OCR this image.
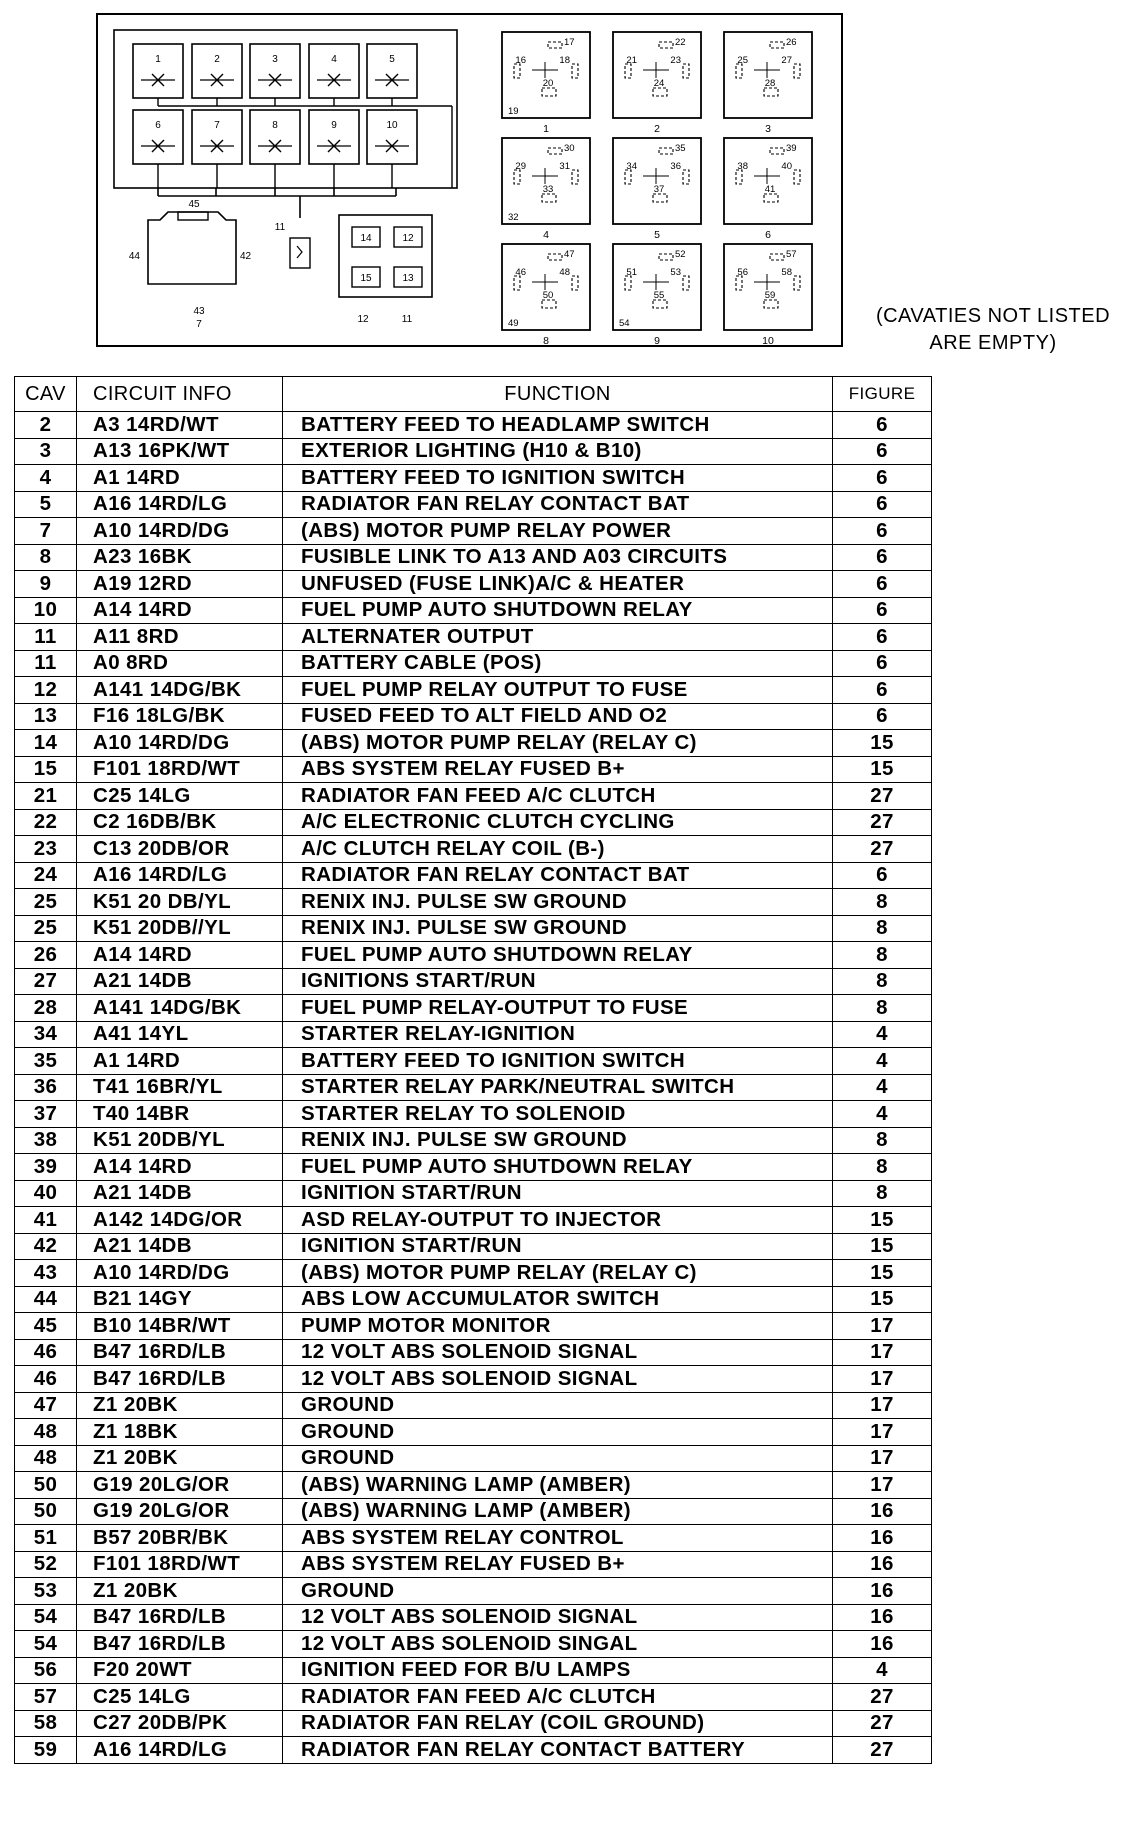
1	2	3	4	5
6	7	8	9	10
45
44	42
43
7
11
14	12
15	13
12	11
17
16	18
20
19
1
22
21	23
24
2
26
25	27
28
3
30
29	31
33
32
4
35
34	36
37
5
39
38	40
41
6
47
46	48
50
49
8
52
51	53
55
54
9
57
56	58
59
10
(CAVATIES NOT LISTED
ARE EMPTY)
CAV	CIRCUIT INFO	FUNCTION	FIGURE
2	A3 14RD/WT	BATTERY FEED TO HEADLAMP SWITCH	6
3	A13 16PK/WT	EXTERIOR LIGHTING (H10 & B10)	6
4	A1 14RD	BATTERY FEED TO IGNITION SWITCH	6
5	A16 14RD/LG	RADIATOR FAN RELAY CONTACT BAT	6
7	A10 14RD/DG	(ABS) MOTOR PUMP RELAY POWER	6
8	A23 16BK	FUSIBLE LINK TO A13 AND A03 CIRCUITS	6
9	A19 12RD	UNFUSED (FUSE LINK)A/C & HEATER	6
10	A14 14RD	FUEL PUMP AUTO SHUTDOWN RELAY	6
11	A11 8RD	ALTERNATER OUTPUT	6
11	A0 8RD	BATTERY CABLE (POS)	6
12	A141 14DG/BK	FUEL PUMP RELAY OUTPUT TO FUSE	6
13	F16 18LG/BK	FUSED FEED TO ALT FIELD AND O2	6
14	A10 14RD/DG	(ABS) MOTOR PUMP RELAY (RELAY C)	15
15	F101 18RD/WT	ABS SYSTEM RELAY FUSED B+	15
21	C25 14LG	RADIATOR FAN FEED A/C CLUTCH	27
22	C2 16DB/BK	A/C ELECTRONIC CLUTCH CYCLING	27
23	C13 20DB/OR	A/C CLUTCH RELAY COIL (B-)	27
24	A16 14RD/LG	RADIATOR FAN RELAY CONTACT BAT	6
25	K51 20 DB/YL	RENIX INJ. PULSE SW GROUND	8
25	K51 20DB//YL	RENIX INJ. PULSE SW GROUND	8
26	A14 14RD	FUEL PUMP AUTO SHUTDOWN RELAY	8
27	A21 14DB	IGNITIONS START/RUN	8
28	A141 14DG/BK	FUEL PUMP RELAY-OUTPUT TO FUSE	8
34	A41 14YL	STARTER RELAY-IGNITION	4
35	A1 14RD	BATTERY FEED TO IGNITION SWITCH	4
36	T41 16BR/YL	STARTER RELAY PARK/NEUTRAL SWITCH	4
37	T40 14BR	STARTER RELAY TO SOLENOID	4
38	K51 20DB/YL	RENIX INJ. PULSE SW GROUND	8
39	A14 14RD	FUEL PUMP AUTO SHUTDOWN RELAY	8
40	A21 14DB	IGNITION START/RUN	8
41	A142 14DG/OR	ASD RELAY-OUTPUT TO INJECTOR	15
42	A21 14DB	IGNITION START/RUN	15
43	A10 14RD/DG	(ABS) MOTOR PUMP RELAY (RELAY C)	15
44	B21 14GY	ABS LOW ACCUMULATOR SWITCH	15
45	B10 14BR/WT	PUMP MOTOR MONITOR	17
46	B47 16RD/LB	12 VOLT ABS SOLENOID SIGNAL	17
46	B47 16RD/LB	12 VOLT ABS SOLENOID SIGNAL	17
47	Z1 20BK	GROUND	17
48	Z1 18BK	GROUND	17
48	Z1 20BK	GROUND	17
50	G19 20LG/OR	(ABS) WARNING LAMP (AMBER)	17
50	G19 20LG/OR	(ABS) WARNING LAMP (AMBER)	16
51	B57 20BR/BK	ABS SYSTEM RELAY CONTROL	16
52	F101 18RD/WT	ABS SYSTEM RELAY FUSED B+	16
53	Z1 20BK	GROUND	16
54	B47 16RD/LB	12 VOLT ABS SOLENOID SIGNAL	16
54	B47 16RD/LB	12 VOLT ABS SOLENOID SINGAL	16
56	F20 20WT	IGNITION FEED FOR B/U LAMPS	4
57	C25 14LG	RADIATOR FAN FEED A/C CLUTCH	27
58	C27 20DB/PK	RADIATOR FAN RELAY (COIL GROUND)	27
59	A16 14RD/LG	RADIATOR FAN RELAY CONTACT BATTERY	27
